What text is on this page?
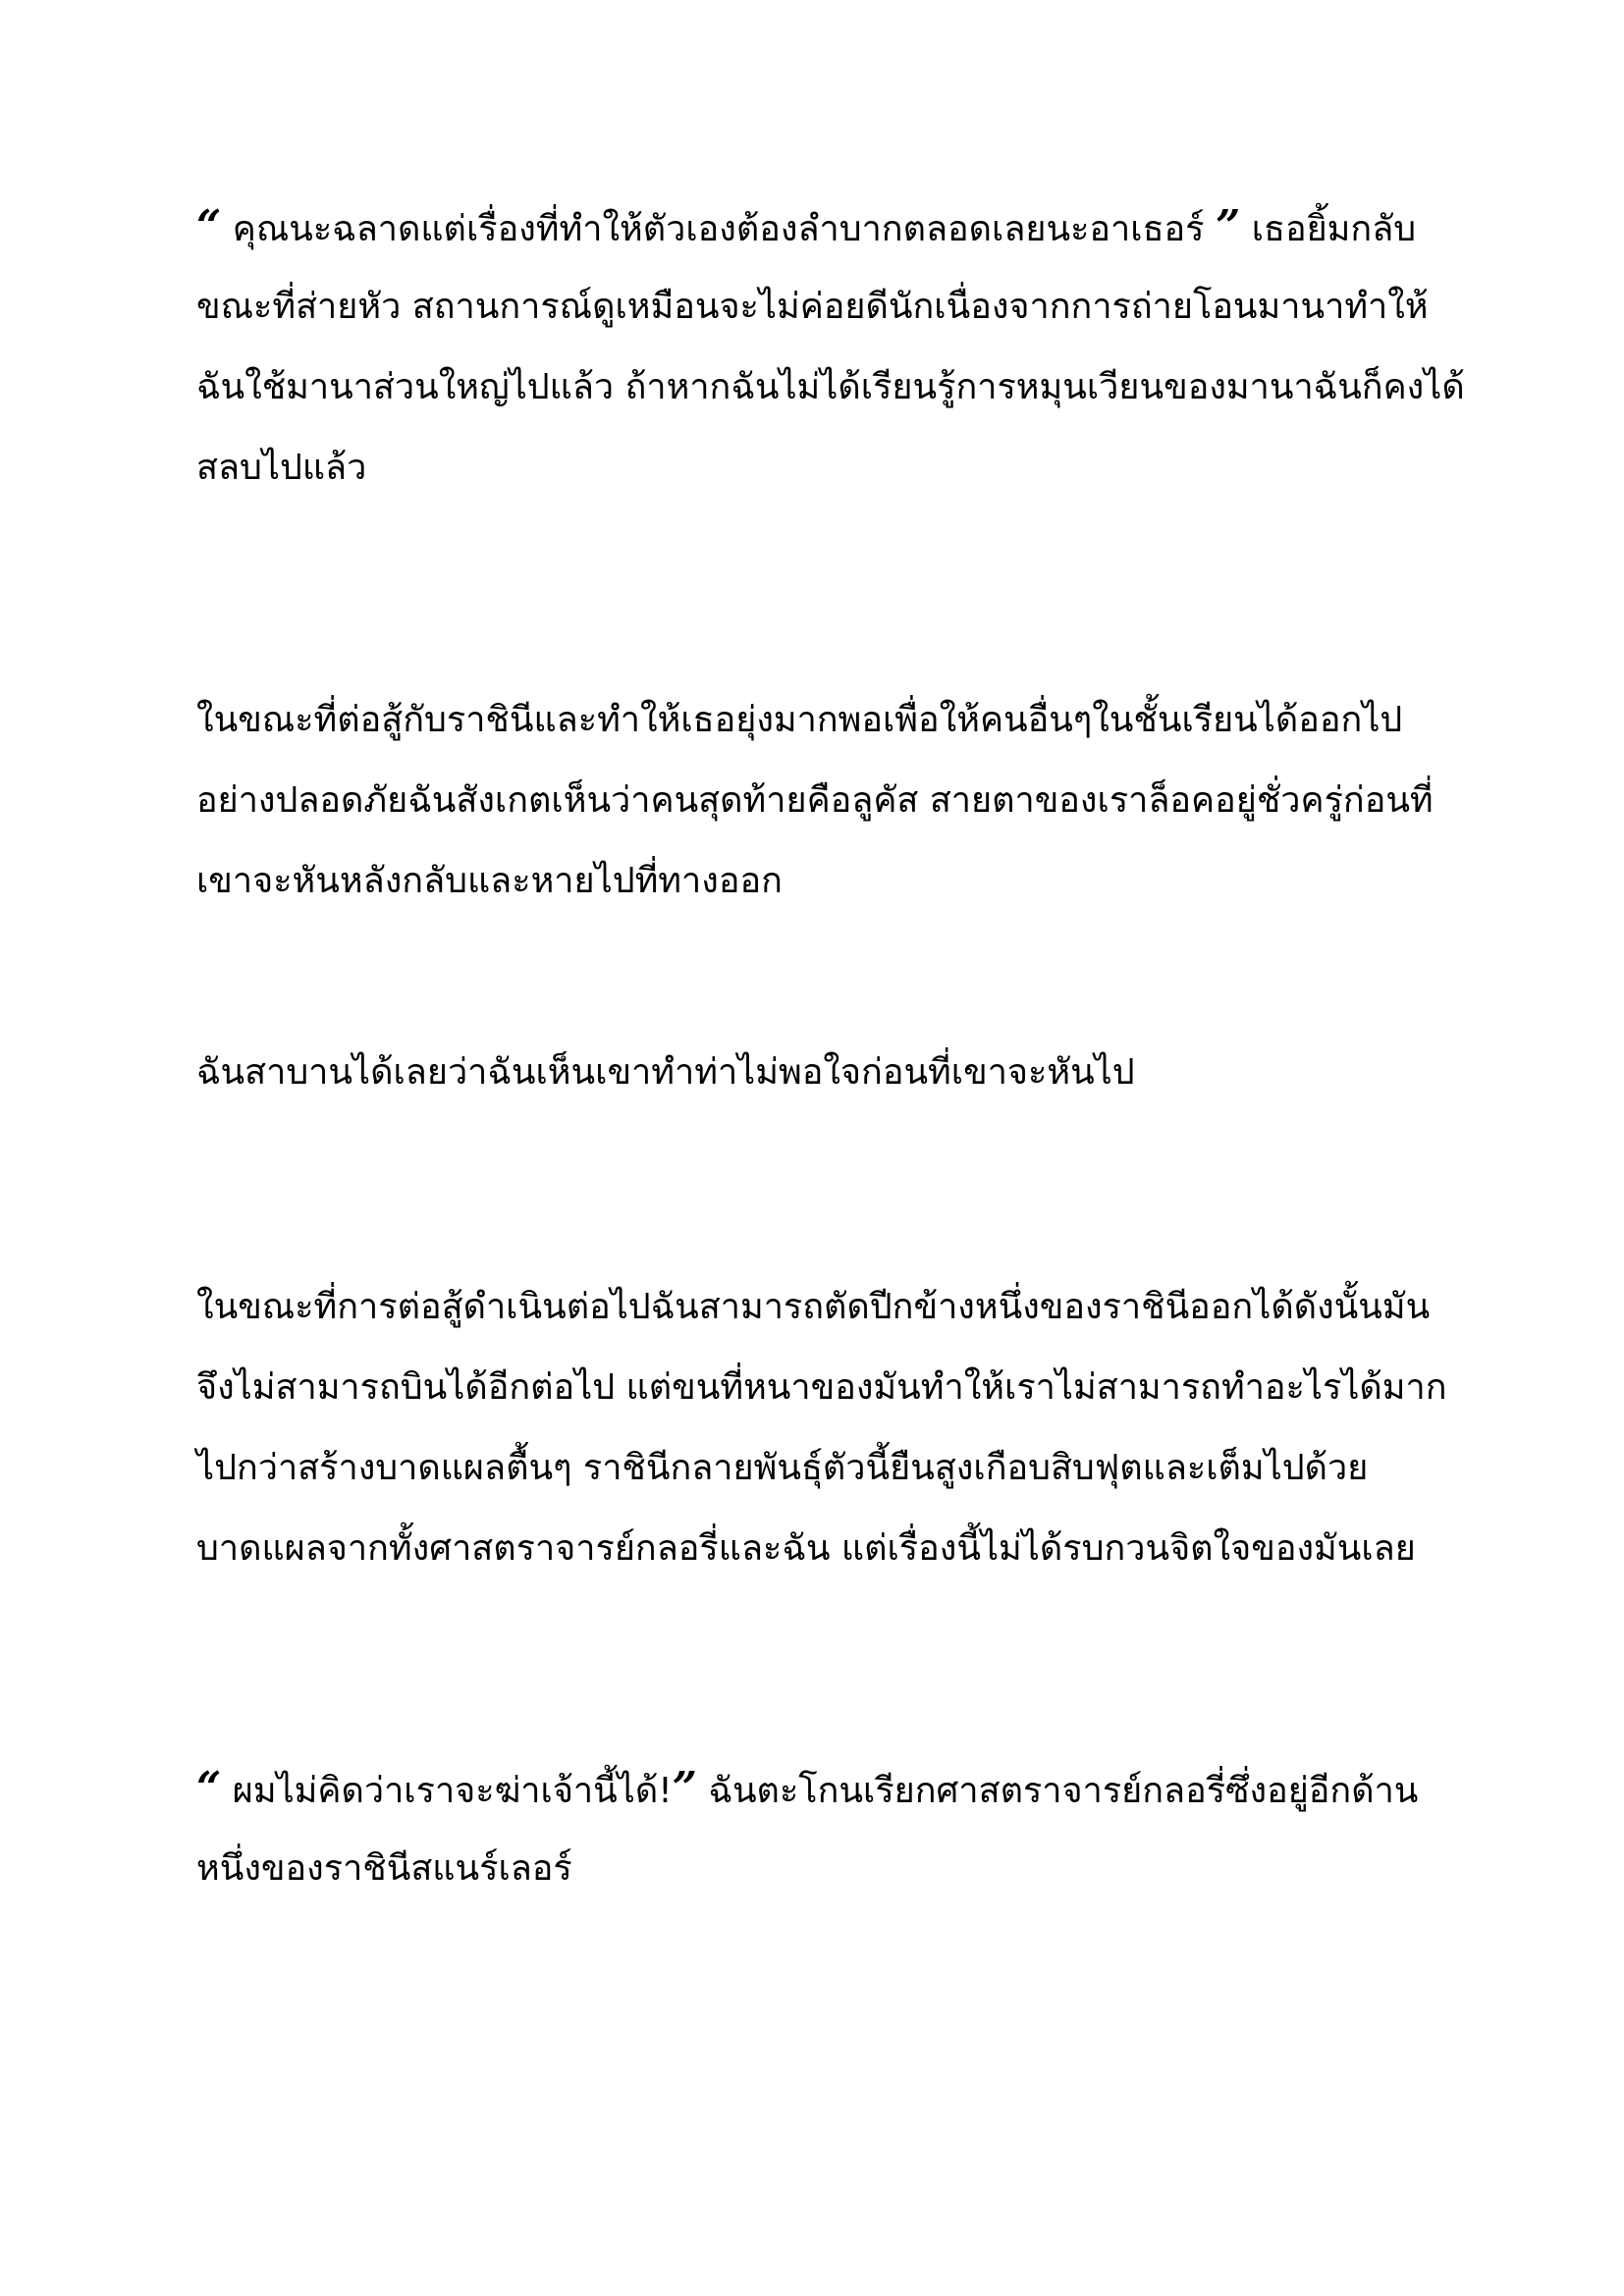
“ คุณนะฉลาดแต่เรื่องที่ทำให้ตัวเองต้องลำบากตลอดเลยนะอาเธอร์ ” เธอยิ้มกลับ
ขณะที่ส่ายหัว สถานการณ์ดูเหมือนจะไม่ค่อยดีนักเนื่องจากการถ่ายโอนมานาทำให้
ฉันใช้มานาส่วนใหญ่ไปแล้ว ถ้าหากฉันไม่ได้เรียนรู้การหมุนเวียนของมานาฉันก็คงได้
สลบไปแล้ว

ในขณะที่ต่อสู้กับราชินีและทำให้เธอยุ่งมากพอเพื่อให้คนอื่นๆในชั้นเรียนได้ออกไป
อย่างปลอดภัยฉันสังเกตเห็นว่าคนสุดท้ายคือลูคัส สายตาของเราล็อคอยู่ชั่วครู่ก่อนที่
เขาจะหันหลังกลับและหายไปที่ทางออก

ฉันสาบานได้เลยว่าฉันเห็นเขาทำท่าไม่พอใจก่อนที่เขาจะหันไป

ในขณะที่การต่อสู้ดำเนินต่อไปฉันสามารถตัดปีกข้างหนึ่งของราชินีออกได้ดังนั้นมัน
จึงไม่สามารถบินได้อีกต่อไป แต่ขนที่หนาของมันทำให้เราไม่สามารถทำอะไรได้มาก
ไปกว่าสร้างบาดแผลตื้นๆ ราชินีกลายพันธุ์ตัวนี้ยืนสูงเกือบสิบฟุตและเต็มไปด้วย
บาดแผลจากทั้งศาสตราจารย์กลอรี่และฉัน แต่เรื่องนี้ไม่ได้รบกวนจิตใจของมันเลย

“ ผมไม่คิดว่าเราจะฆ่าเจ้านี้ได้!” ฉันตะโกนเรียกศาสตราจารย์กลอรี่ซึ่งอยู่อีกด้าน
หนึ่งของราชินีสแนร์เลอร์
